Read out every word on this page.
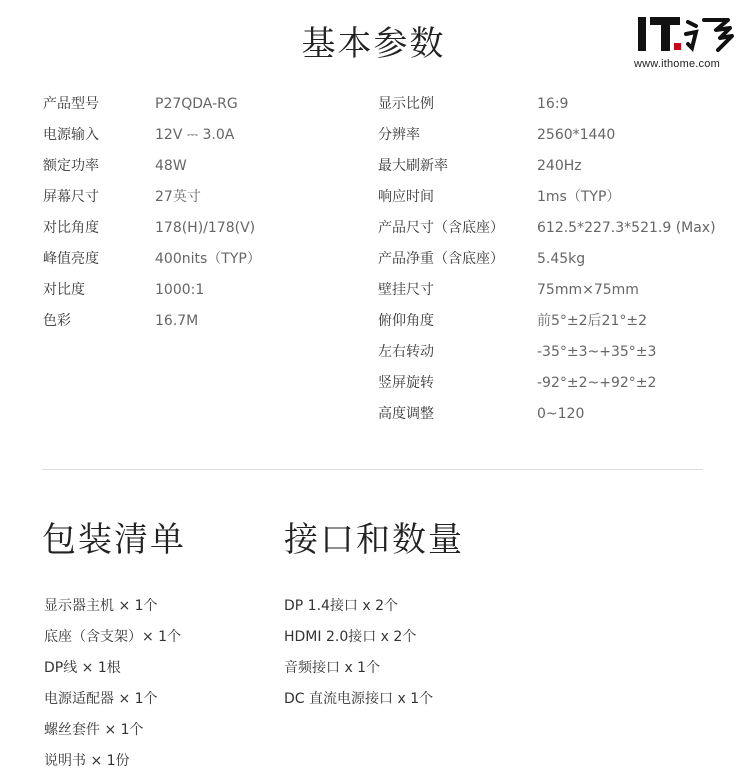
基本参数	www.ithome.com
产品型号	P27QDA-RG
电源输入	12V ⎓ 3.0A
额定功率	48W
屏幕尺寸	27英寸
对比角度	178(H)/178(V)
峰值亮度	400nits（TYP）
对比度	1000:1
色彩	16.7M
显示比例	16:9
分辨率	2560*1440
最大刷新率	240Hz
响应时间	1ms（TYP）
产品尺寸（含底座） 612.5*227.3*521.9 (Max)
产品净重（含底座） 5.45kg
壁挂尺寸	75mm×75mm
俯仰角度	前5°±2后21°±2
左右转动	-35°±3~+35°±3
竖屏旋转	-92°±2~+92°±2
高度调整	0~120
包装清单	接口和数量
显示器主机 × 1个
底座（含支架）× 1个
DP线 × 1根
电源适配器 × 1个
螺丝套件 × 1个
说明书 × 1份
DP 1.4接口 x 2个
HDMI 2.0接口 x 2个
音频接口 x 1个
DC 直流电源接口 x 1个
